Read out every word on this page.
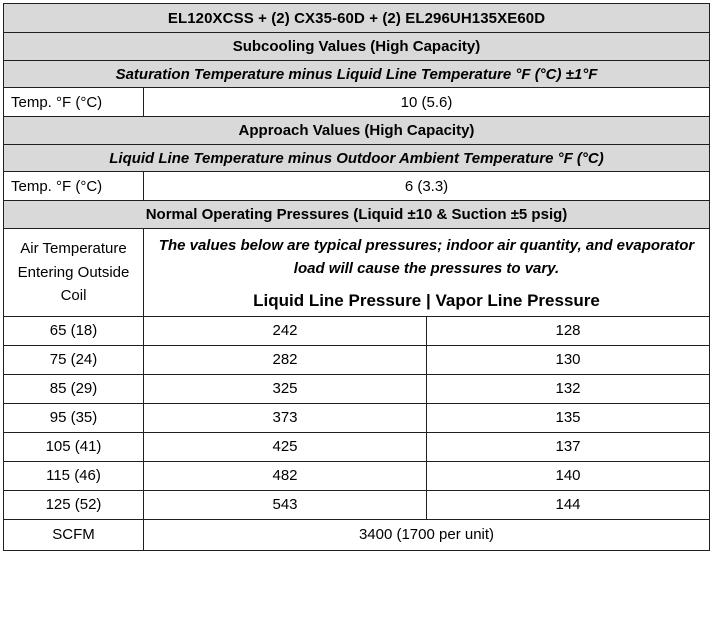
EL120XCSS + (2) CX35-60D + (2) EL296UH135XE60D		
Subcooling Values (High Capacity)		
Saturation Temperature minus Liquid Line Temperature °F (°C) ±1°F		
Temp. °F (°C)	10 (5.6)	
Approach Values (High Capacity)		
Liquid Line Temperature minus Outdoor Ambient Temperature °F (°C)		
Temp. °F (°C)	6 (3.3)	
Normal Operating Pressures (Liquid ±10 & Suction ±5 psig)		
Air Temperature Entering Outside Coil	The values below are typical pressures; indoor air quantity, and evaporator load will cause the pressures to vary.
Liquid Line Pressure | Vapor Line Pressure	

65 (18)	242	128
75 (24)	282	130
85 (29)	325	132
95 (35)	373	135
105 (41)	425	137
115 (46)	482	140
125 (52)	543	144
SCFM	3400 (1700 per unit)	
